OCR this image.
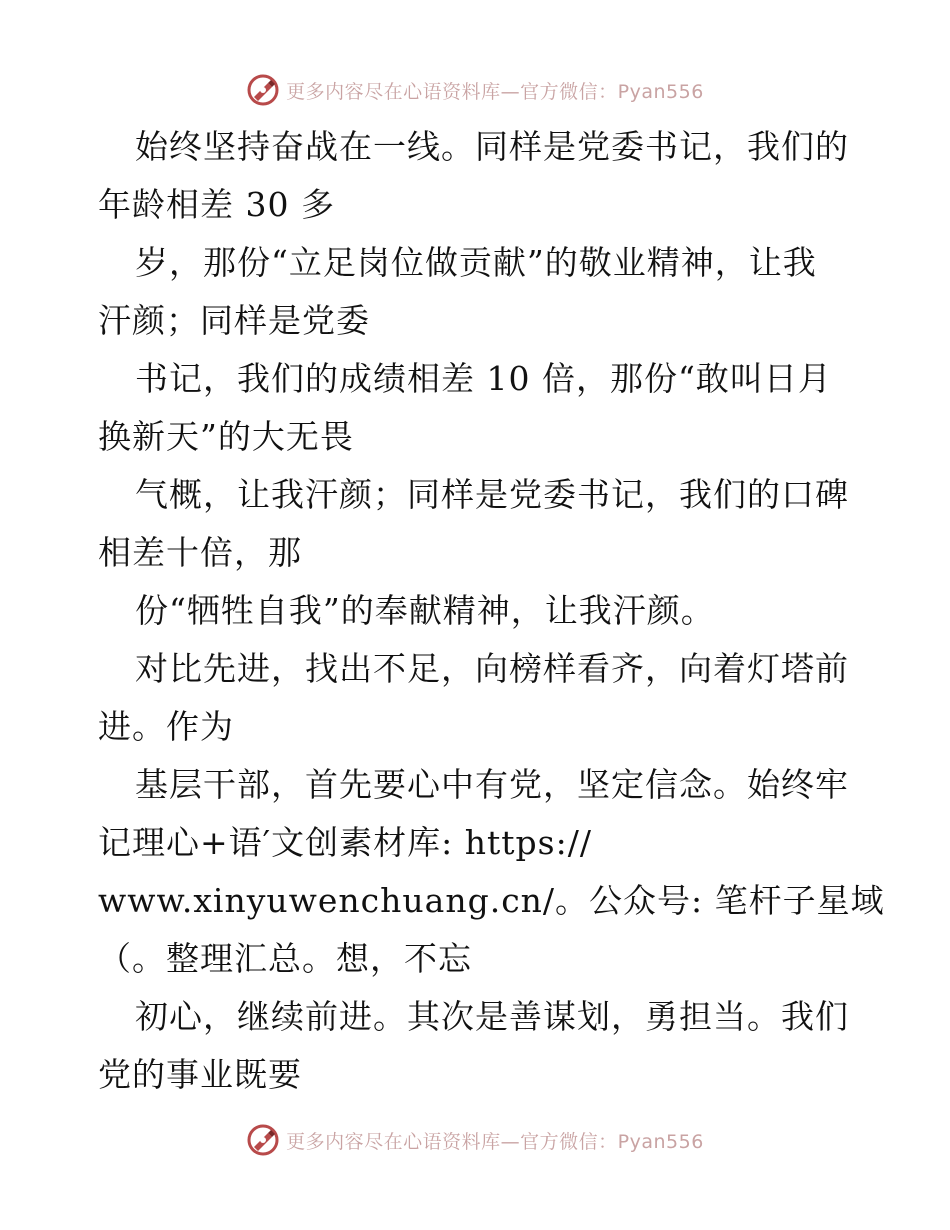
更多内容尽在心语资料库—官方微信：Pyan556
始终坚持奋战在一线。同样是党委书记，我们的
年龄相差 30 多
岁，那份“立足岗位做贡献”的敬业精神，让我
汗颜；同样是党委
书记，我们的成绩相差 10 倍，那份“敢叫日月
换新天”的大无畏
气概，让我汗颜；同样是党委书记，我们的口碑
相差十倍，那
份“牺牲自我”的奉献精神，让我汗颜。
对比先进，找出不足，向榜样看齐，向着灯塔前
进。作为
基层干部，首先要心中有党，坚定信念。始终牢
记理心+语′文创素材库: https://
www.xinyuwenchuang.cn/。公众号: 笔杆子星域
（。整理汇总。想，不忘
初心，继续前进。其次是善谋划，勇担当。我们
党的事业既要
更多内容尽在心语资料库—官方微信：Pyan556
